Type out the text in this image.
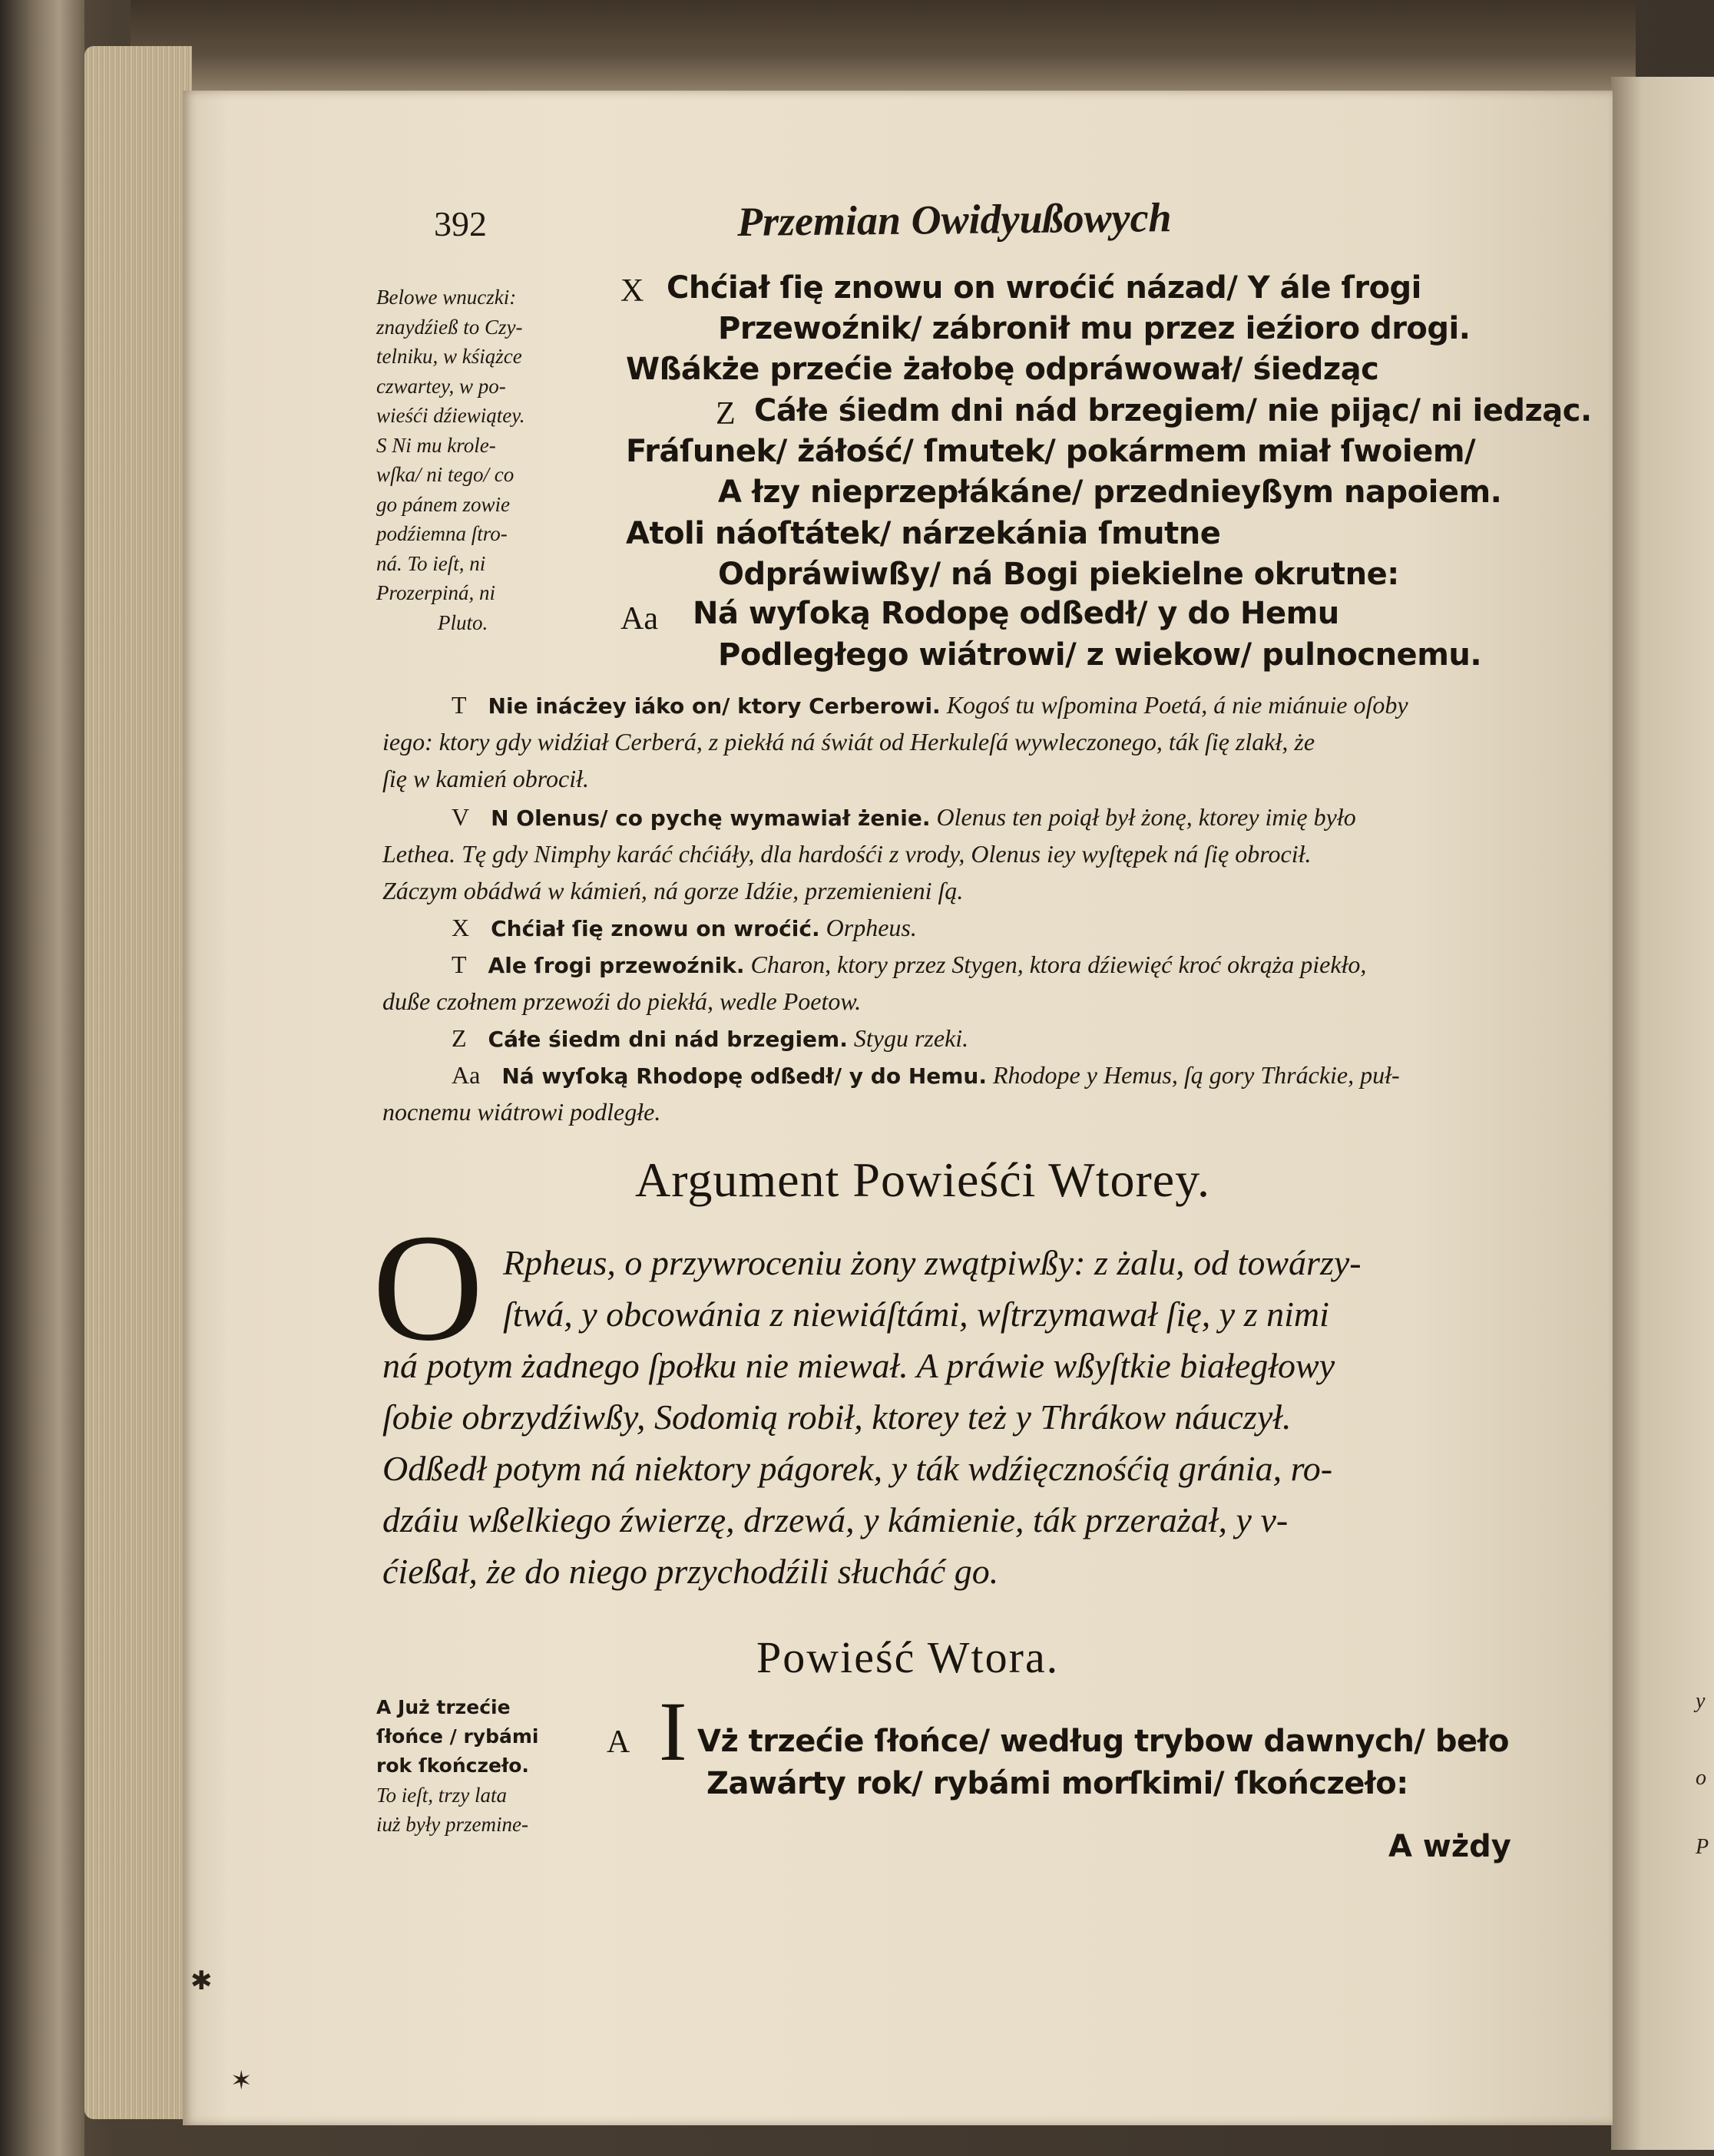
y
o
P
392	Przemian Owidyußowych
Belowe wnuczki:
znaydźieß to Czy-
telniku, w kśiążce
czwartey, w po-
wieśći dźiewiątey.
S Ni mu krole-
wſka/ ni tego/ co
go pánem zowie
podźiemna ſtro-
ná. To ieſt, ni
Prozerpiná, ni
Pluto.
X Chćiał ſię znowu on wroćić názad/ Y ále ſrogi
Przewoźnik/ zábronił mu przez ieźioro drogi.
Wßákże przećie żałobę odpráwował/ śiedząc
Z Cáłe śiedm dni nád brzegiem/ nie pijąc/ ni iedząc.
Fráſunek/ żáłość/ ſmutek/ pokármem miał ſwoiem/
A łzy nieprzepłákáne/ przednieyßym napoiem.
Atoli náoſtátek/ nárzekánia ſmutne
Odpráwiwßy/ ná Bogi piekielne okrutne:
Aa Ná wyſoką Rodopę odßedł/ y do Hemu
Podległego wiátrowi/ z wiekow/ pulnocnemu.
T Nie inácżey iáko on/ ktory Cerberowi. Kogoś tu wſpomina Poetá, á nie miánuie oſoby
iego: ktory gdy widźiał Cerberá, z piekłá ná świát od Herkuleſá wywleczonego, ták ſię zlakł, że
ſię w kamień obrocił.
V N Olenus/ co pychę wymawiał żenie. Olenus ten poiął był żonę, ktorey imię było
Lethea. Tę gdy Nimphy karáć chćiáły, dla hardośći z vrody, Olenus iey wyſtępek ná ſię obrocił.
Záczym obádwá w kámień, ná gorze Idźie, przemienieni ſą.
X Chćiał ſię znowu on wroćić. Orpheus.
T Ale ſrogi przewoźnik. Charon, ktory przez Stygen, ktora dźiewięć kroć okrąża piekło,
duße czołnem przewoźi do piekłá, wedle Poetow.
Z Cáłe śiedm dni nád brzegiem. Stygu rzeki.
Aa Ná wyſoką Rhodopę odßedł/ y do Hemu. Rhodope y Hemus, ſą gory Thráckie, puł-
nocnemu wiátrowi podległe.
Argument Powieśći Wtorey.
O Rpheus, o przywroceniu żony zwątpiwßy: z żalu, od towárzy-
ſtwá, y obcowánia z niewiáſtámi, wſtrzymawał ſię, y z nimi
ná potym żadnego ſpołku nie miewał. A práwie wßyſtkie białegłowy
ſobie obrzydźiwßy, Sodomią robił, ktorey też y Thrákow náuczył.
Odßedł potym ná niektory págorek, y ták wdźięcznośćią gránia, ro-
dzáiu wßelkiego źwierzę, drzewá, y kámienie, ták przerażał, y v-
ćießał, że do niego przychodźili słucháć go.
Powieść Wtora.
A Już trzećie
ſłońce / rybámi
rok ſkończeło.
To ieſt, trzy lata
iuż były przemine-
A I Vż trzećie ſłońce/ według trybow dawnych/ beło
Zawárty rok/ rybámi morſkimi/ ſkończeło:
A wżdy
✱
✶
